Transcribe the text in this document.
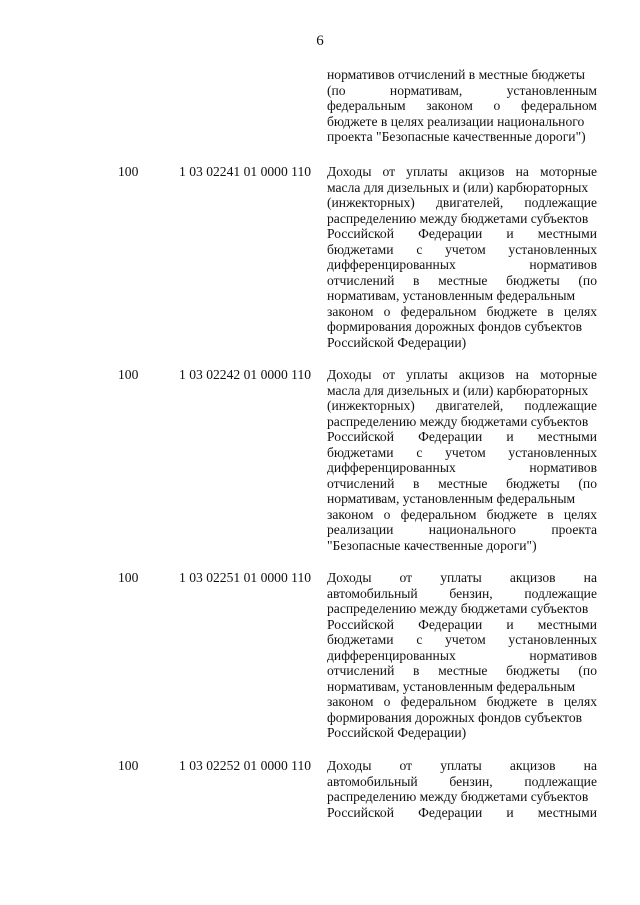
6
нормативов отчислений в местные бюджеты
(по нормативам, установленным
федеральным законом о федеральном
бюджете в целях реализации национального
проекта "Безопасные качественные дороги")
100	1 03 02241 01 0000 110 Доходы от уплаты акцизов на моторные
масла для дизельных и (или) карбюраторных
(инжекторных) двигателей, подлежащие
распределению между бюджетами субъектов
Российской Федерации и местными
бюджетами с учетом установленных
дифференцированных нормативов
отчислений в местные бюджеты (по
нормативам, установленным федеральным
законом о федеральном бюджете в целях
формирования дорожных фондов субъектов
Российской Федерации)
100	1 03 02242 01 0000 110 Доходы от уплаты акцизов на моторные
масла для дизельных и (или) карбюраторных
(инжекторных) двигателей, подлежащие
распределению между бюджетами субъектов
Российской Федерации и местными
бюджетами с учетом установленных
дифференцированных нормативов
отчислений в местные бюджеты (по
нормативам, установленным федеральным
законом о федеральном бюджете в целях
реализации национального проекта
"Безопасные качественные дороги")
100	1 03 02251 01 0000 110 Доходы от уплаты акцизов на
автомобильный бензин, подлежащие
распределению между бюджетами субъектов
Российской Федерации и местными
бюджетами с учетом установленных
дифференцированных нормативов
отчислений в местные бюджеты (по
нормативам, установленным федеральным
законом о федеральном бюджете в целях
формирования дорожных фондов субъектов
Российской Федерации)
100	1 03 02252 01 0000 110 Доходы от уплаты акцизов на
автомобильный бензин, подлежащие
распределению между бюджетами субъектов
Российской Федерации и местными
